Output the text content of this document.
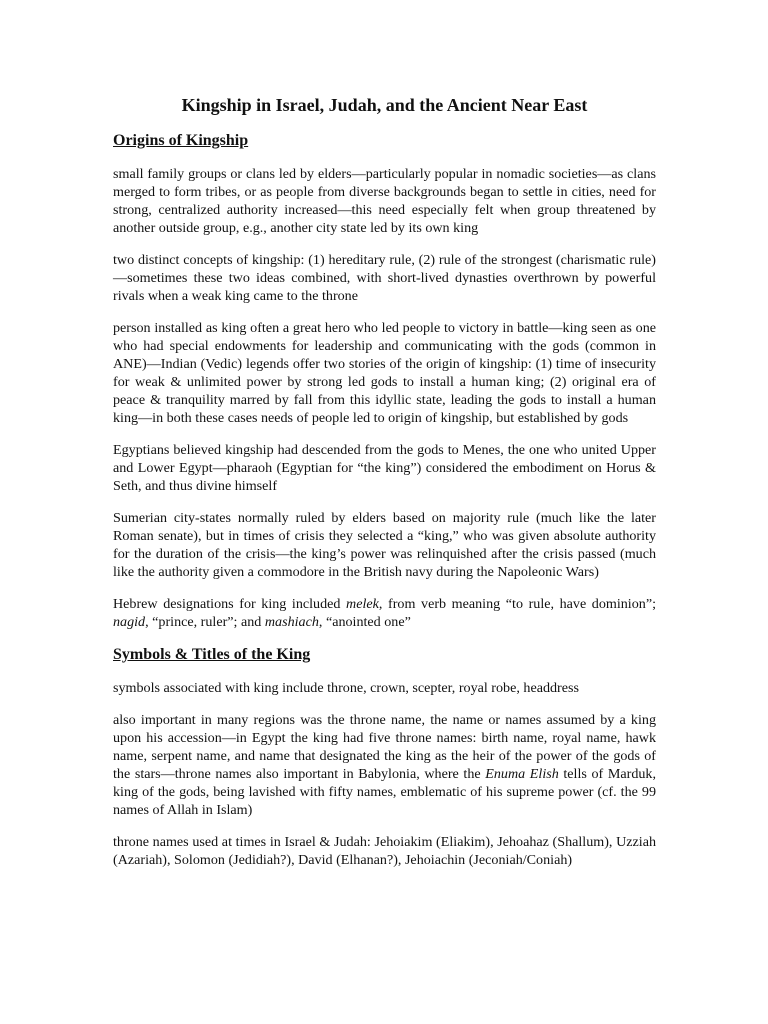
Kingship in Israel, Judah, and the Ancient Near East
Origins of Kingship

small family groups or clans led by elders—particularly popular in nomadic societies—as clans merged to form tribes, or as people from diverse backgrounds began to settle in cities, need for strong, centralized authority increased—this need especially felt when group threatened by another outside group, e.g., another city state led by its own king

two distinct concepts of kingship: (1) hereditary rule, (2) rule of the strongest (charismatic rule)—sometimes these two ideas combined, with short-lived dynasties overthrown by powerful rivals when a weak king came to the throne

person installed as king often a great hero who led people to victory in battle—king seen as one who had special endowments for leadership and communicating with the gods (common in ANE)—Indian (Vedic) legends offer two stories of the origin of kingship: (1) time of insecurity for weak & unlimited power by strong led gods to install a human king; (2) original era of peace & tranquility marred by fall from this idyllic state, leading the gods to install a human king—in both these cases needs of people led to origin of kingship, but established by gods

Egyptians believed kingship had descended from the gods to Menes, the one who united Upper and Lower Egypt—pharaoh (Egyptian for “the king”) considered the embodiment on Horus & Seth, and thus divine himself

Sumerian city-states normally ruled by elders based on majority rule (much like the later Roman senate), but in times of crisis they selected a “king,” who was given absolute authority for the duration of the crisis—the king’s power was relinquished after the crisis passed (much like the authority given a commodore in the British navy during the Napoleonic Wars)

Hebrew designations for king included melek, from verb meaning “to rule, have dominion”; nagid, “prince, ruler”; and mashiach, “anointed one”

Symbols & Titles of the King

symbols associated with king include throne, crown, scepter, royal robe, headdress

also important in many regions was the throne name, the name or names assumed by a king upon his accession—in Egypt the king had five throne names: birth name, royal name, hawk name, serpent name, and name that designated the king as the heir of the power of the gods of the stars—throne names also important in Babylonia, where the Enuma Elish tells of Marduk, king of the gods, being lavished with fifty names, emblematic of his supreme power (cf. the 99 names of Allah in Islam)

throne names used at times in Israel & Judah: Jehoiakim (Eliakim), Jehoahaz (Shallum), Uzziah (Azariah), Solomon (Jedidiah?), David (Elhanan?), Jehoiachin (Jeconiah/Coniah)
